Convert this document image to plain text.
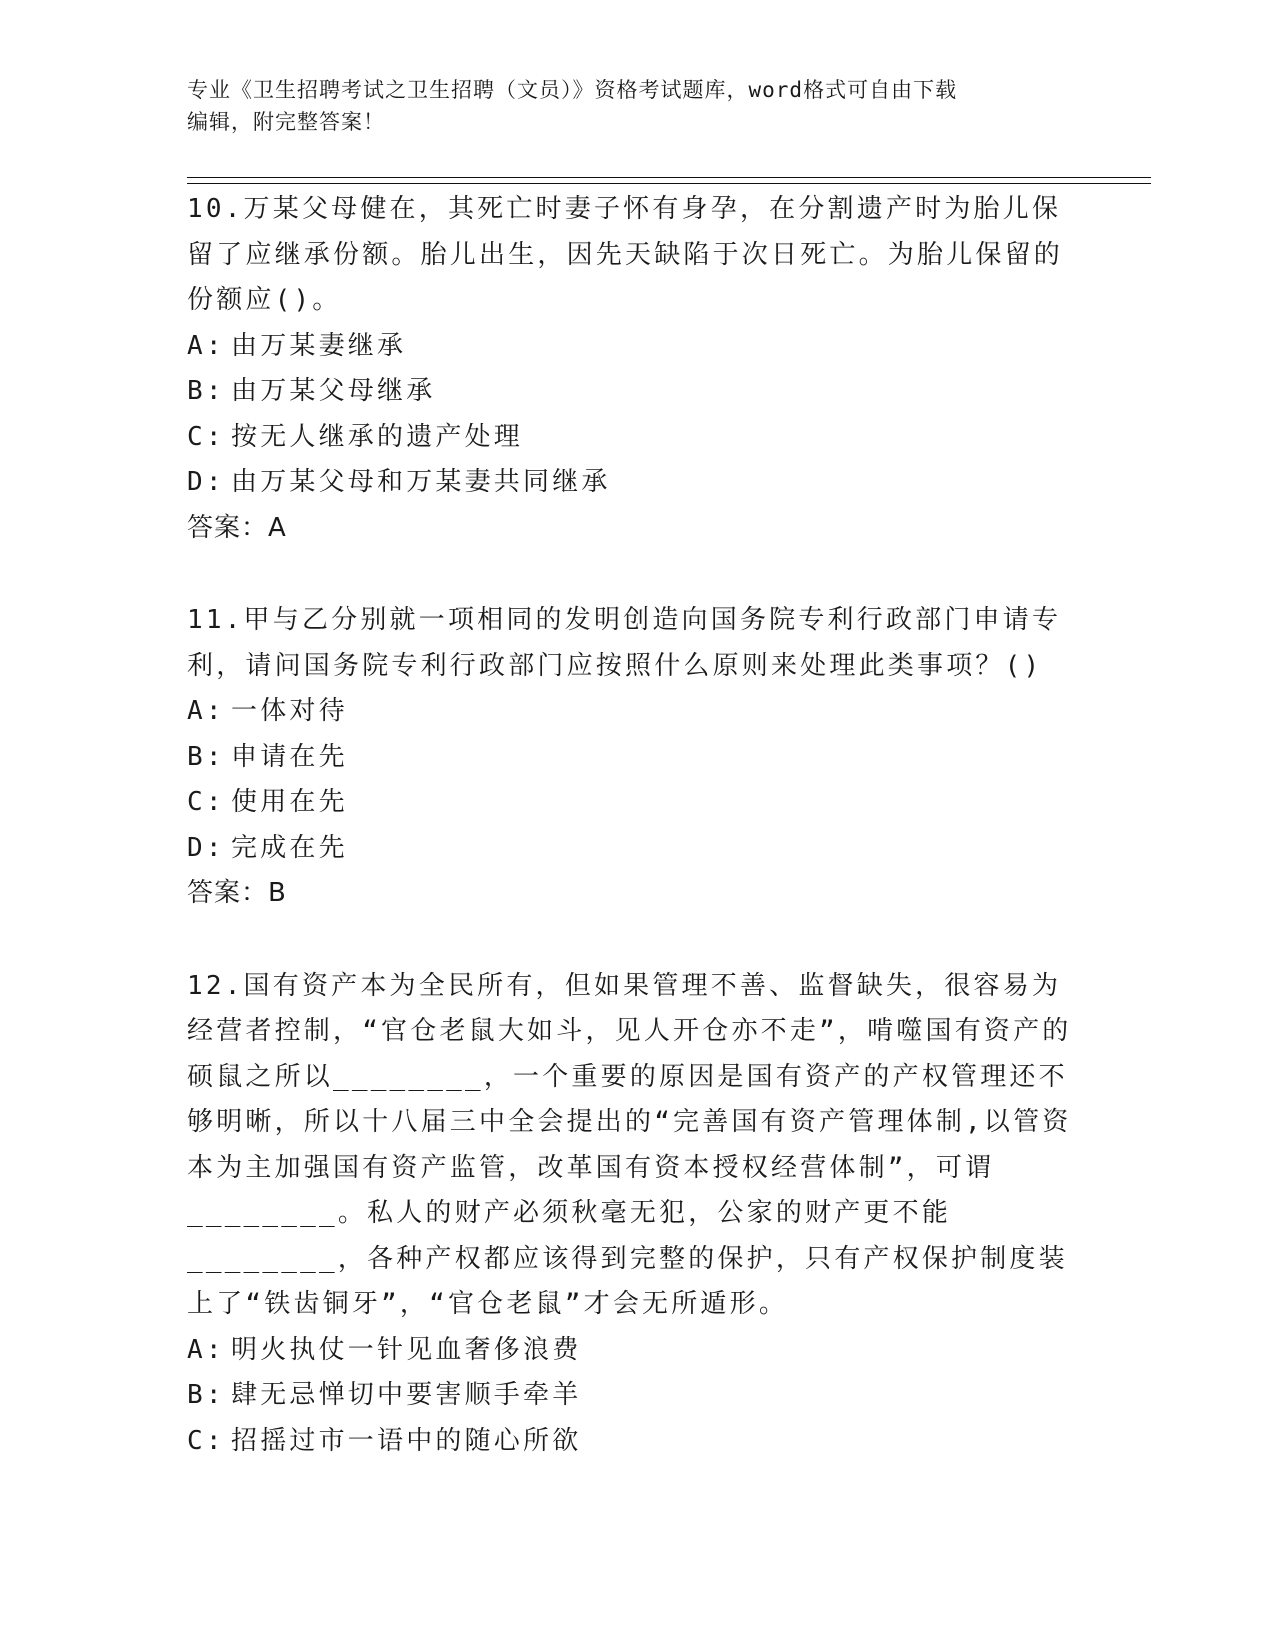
专业《卫生招聘考试之卫生招聘（文员）》资格考试题库，word格式可自由下载
编辑，附完整答案！

10.万某父母健在，其死亡时妻子怀有身孕，在分割遗产时为胎儿保留了应继承份额。胎儿出生，因先天缺陷于次日死亡。为胎儿保留的份额应()。

A: 由万某妻继承
B: 由万某父母继承
C: 按无人继承的遗产处理
D: 由万某父母和万某妻共同继承
答案：A

11.甲与乙分别就一项相同的发明创造向国务院专利行政部门申请专利，请问国务院专利行政部门应按照什么原则来处理此类事项？()

A: 一体对待
B: 申请在先
C: 使用在先
D: 完成在先
答案：B

12.国有资产本为全民所有，但如果管理不善、监督缺失，很容易为经营者控制，“官仓老鼠大如斗，见人开仓亦不走”，啃噬国有资产的硕鼠之所以________，一个重要的原因是国有资产的产权管理还不够明晰，所以十八届三中全会提出的“完善国有资产管理体制,以管资本为主加强国有资产监管，改革国有资本授权经营体制”，可谓________。私人的财产必须秋毫无犯，公家的财产更不能________，各种产权都应该得到完整的保护，只有产权保护制度装上了“铁齿铜牙”，“官仓老鼠”才会无所遁形。

A: 明火执仗一针见血奢侈浪费
B: 肆无忌惮切中要害顺手牵羊
C: 招摇过市一语中的随心所欲
